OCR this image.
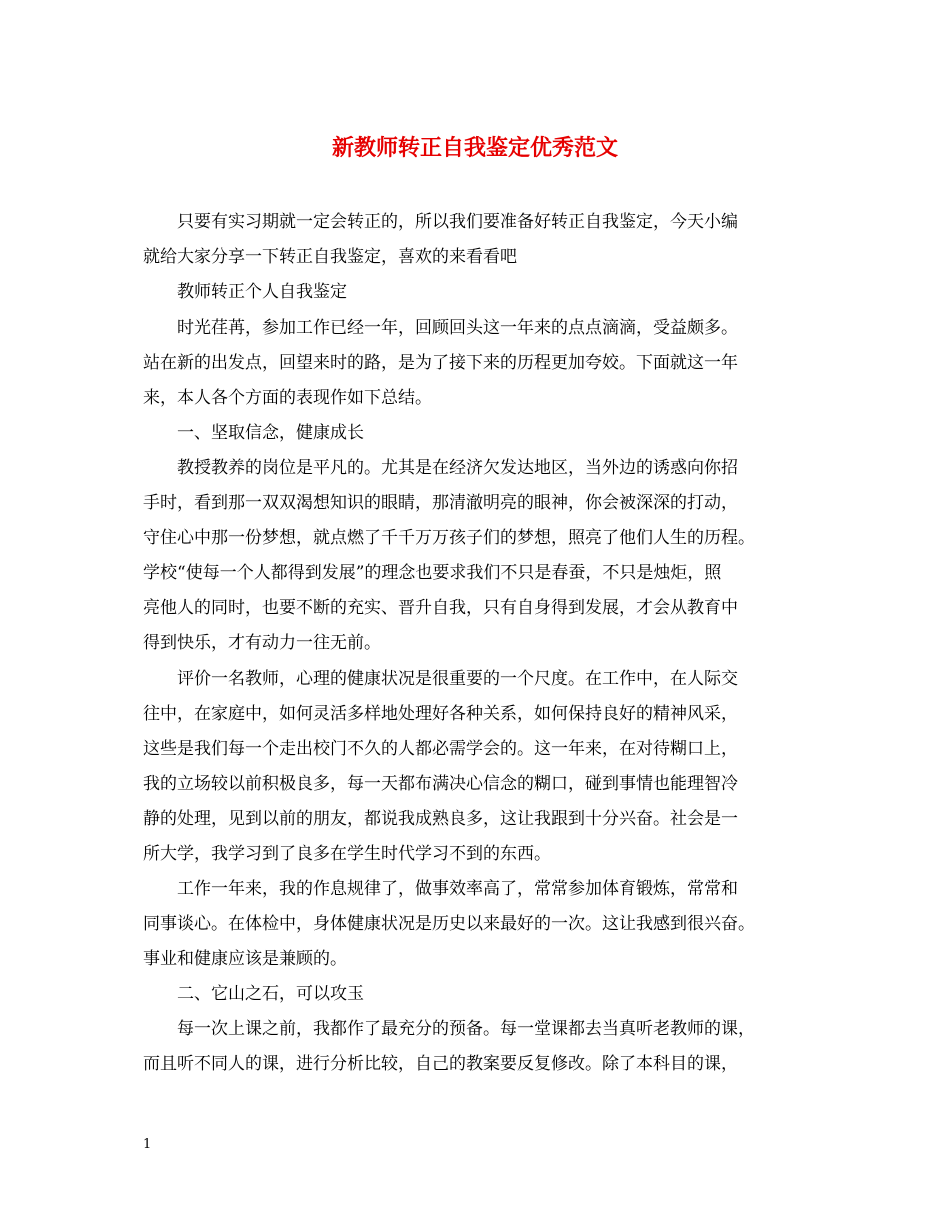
新教师转正自我鉴定优秀范文
只要有实习期就一定会转正的，所以我们要准备好转正自我鉴定，今天小编
就给大家分享一下转正自我鉴定，喜欢的来看看吧
教师转正个人自我鉴定
时光荏苒，参加工作已经一年，回顾回头这一年来的点点滴滴，受益颇多。
站在新的出发点，回望来时的路，是为了接下来的历程更加夸姣。下面就这一年
来，本人各个方面的表现作如下总结。
一、坚取信念，健康成长
教授教养的岗位是平凡的。尤其是在经济欠发达地区，当外边的诱惑向你招
手时，看到那一双双渴想知识的眼睛，那清澈明亮的眼神，你会被深深的打动，
守住心中那一份梦想，就点燃了千千万万孩子们的梦想，照亮了他们人生的历程。
学校“使每一个人都得到发展”的理念也要求我们不只是春蚕，不只是烛炬，照
亮他人的同时，也要不断的充实、晋升自我，只有自身得到发展，才会从教育中
得到快乐，才有动力一往无前。
评价一名教师，心理的健康状况是很重要的一个尺度。在工作中，在人际交
往中，在家庭中，如何灵活多样地处理好各种关系，如何保持良好的精神风采，
这些是我们每一个走出校门不久的人都必需学会的。这一年来，在对待糊口上，
我的立场较以前积极良多，每一天都布满决心信念的糊口，碰到事情也能理智冷
静的处理，见到以前的朋友，都说我成熟良多，这让我跟到十分兴奋。社会是一
所大学，我学习到了良多在学生时代学习不到的东西。
工作一年来，我的作息规律了，做事效率高了，常常参加体育锻炼，常常和
同事谈心。在体检中，身体健康状况是历史以来最好的一次。这让我感到很兴奋。
事业和健康应该是兼顾的。
二、它山之石，可以攻玉
每一次上课之前，我都作了最充分的预备。每一堂课都去当真听老教师的课，
而且听不同人的课，进行分析比较，自己的教案要反复修改。除了本科目的课，
1
